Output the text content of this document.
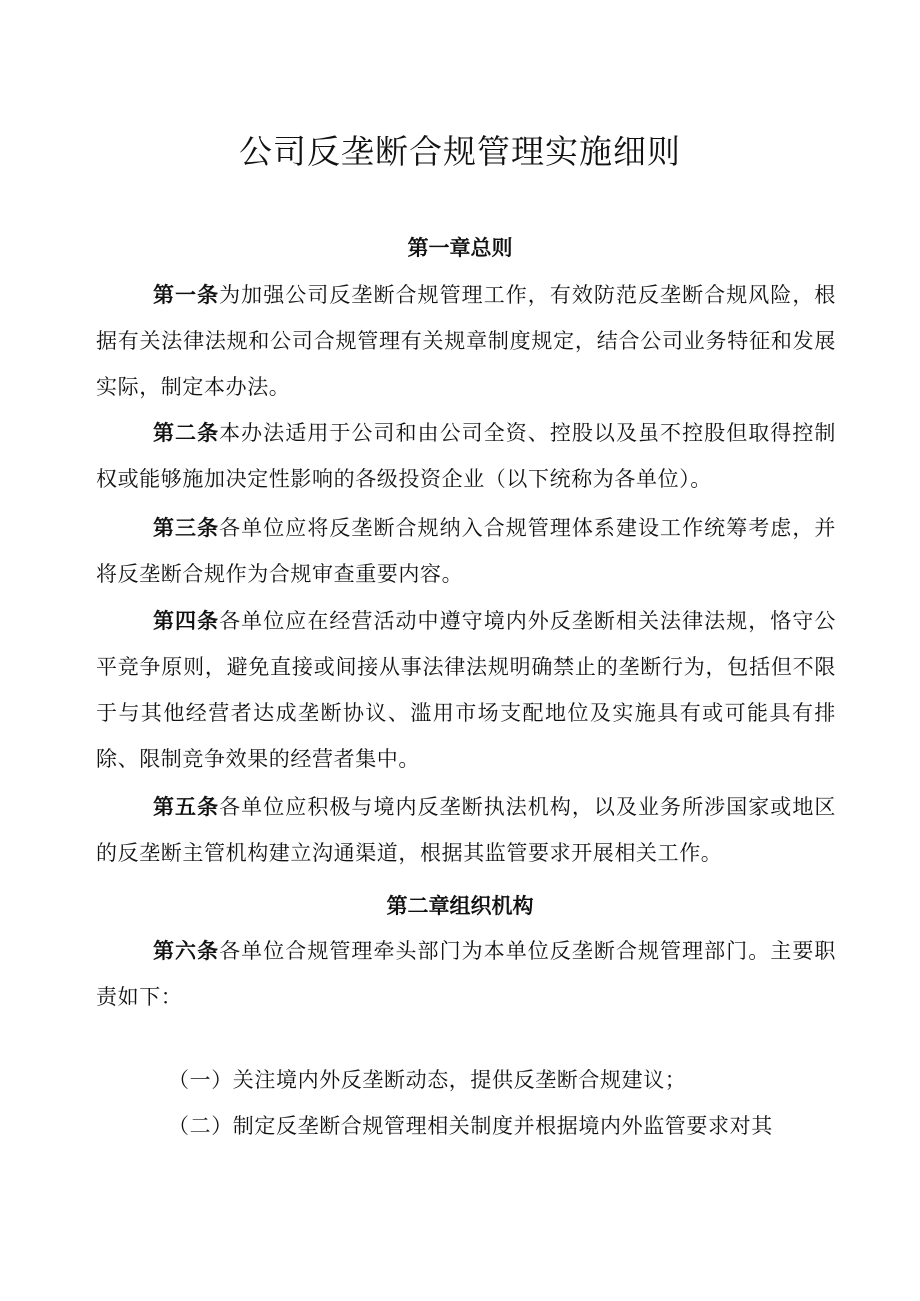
公司反垄断合规管理实施细则
第一章总则
第一条为加强公司反垄断合规管理工作，有效防范反垄断合规风险，根据有关法律法规和公司合规管理有关规章制度规定，结合公司业务特征和发展实际，制定本办法。
第二条本办法适用于公司和由公司全资、控股以及虽不控股但取得控制权或能够施加决定性影响的各级投资企业（以下统称为各单位）。
第三条各单位应将反垄断合规纳入合规管理体系建设工作统筹考虑，并将反垄断合规作为合规审查重要内容。
第四条各单位应在经营活动中遵守境内外反垄断相关法律法规，恪守公平竞争原则，避免直接或间接从事法律法规明确禁止的垄断行为，包括但不限于与其他经营者达成垄断协议、滥用市场支配地位及实施具有或可能具有排除、限制竞争效果的经营者集中。
第五条各单位应积极与境内反垄断执法机构，以及业务所涉国家或地区的反垄断主管机构建立沟通渠道，根据其监管要求开展相关工作。
第二章组织机构
第六条各单位合规管理牵头部门为本单位反垄断合规管理部门。主要职责如下：
（一）关注境内外反垄断动态，提供反垄断合规建议；
（二）制定反垄断合规管理相关制度并根据境内外监管要求对其
